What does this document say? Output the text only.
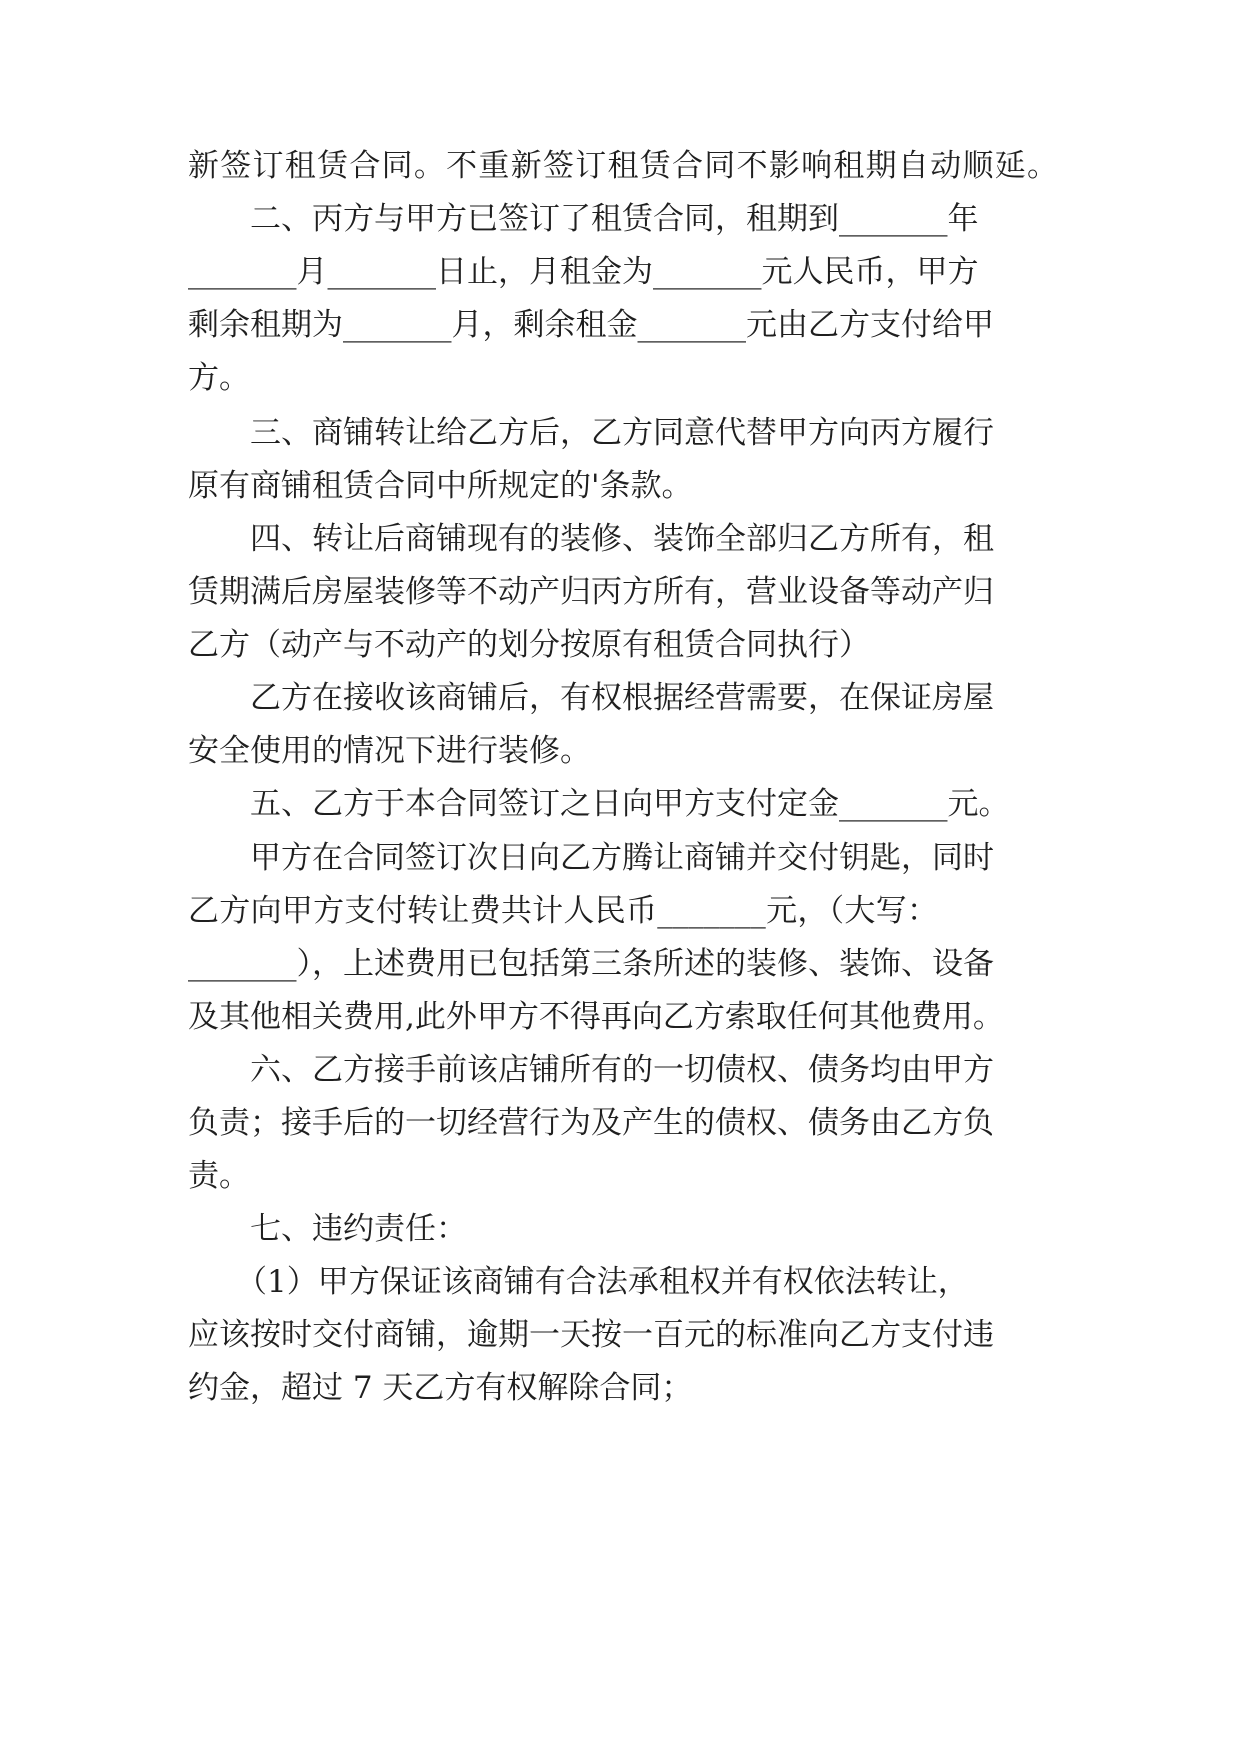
新签订租赁合同。不重新签订租赁合同不影响租期自动顺延。
二、丙方与甲方已签订了租赁合同，租期到_______年
_______月_______日止，月租金为_______元人民币，甲方
剩余租期为_______月，剩余租金_______元由乙方支付给甲
方。
三、商铺转让给乙方后，乙方同意代替甲方向丙方履行
原有商铺租赁合同中所规定的'条款。
四、转让后商铺现有的装修、装饰全部归乙方所有，租
赁期满后房屋装修等不动产归丙方所有，营业设备等动产归
乙方（动产与不动产的划分按原有租赁合同执行）
乙方在接收该商铺后，有权根据经营需要，在保证房屋
安全使用的情况下进行装修。
五、乙方于本合同签订之日向甲方支付定金_______元。
甲方在合同签订次日向乙方腾让商铺并交付钥匙，同时
乙方向甲方支付转让费共计人民币_______元，（大写：
_______），上述费用已包括第三条所述的装修、装饰、设备
及其他相关费用,此外甲方不得再向乙方索取任何其他费用。
六、乙方接手前该店铺所有的一切债权、债务均由甲方
负责；接手后的一切经营行为及产生的债权、债务由乙方负
责。
七、违约责任：
（1）甲方保证该商铺有合法承租权并有权依法转让，
应该按时交付商铺，逾期一天按一百元的标准向乙方支付违
约金，超过 7 天乙方有权解除合同；
